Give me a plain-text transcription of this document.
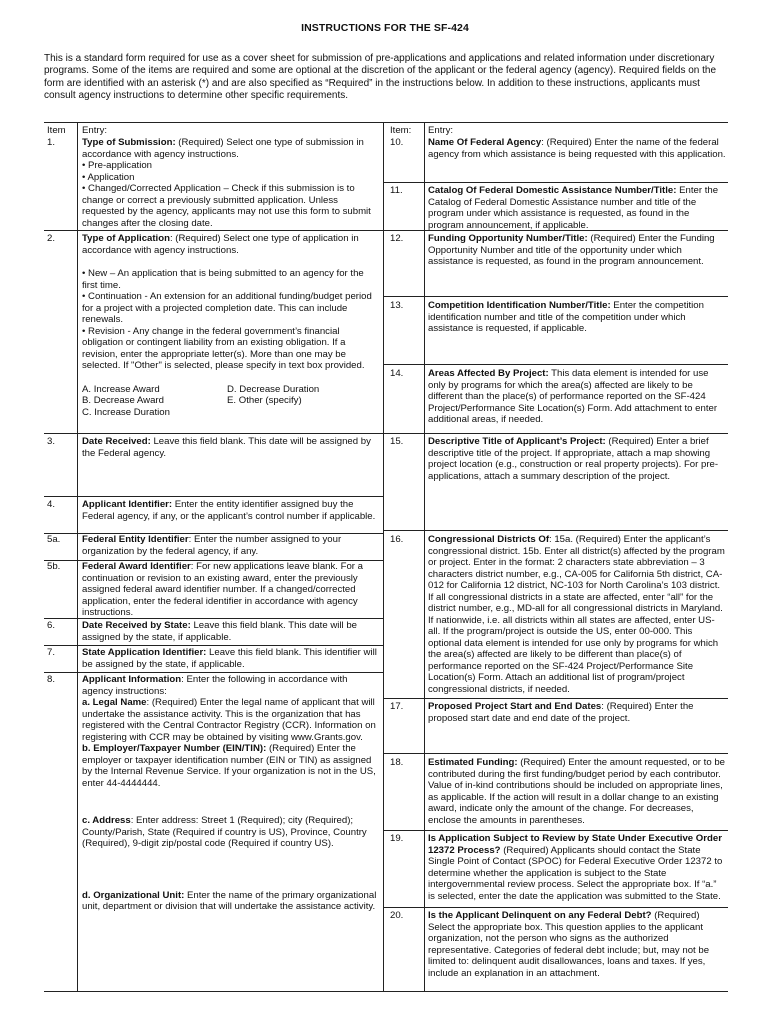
INSTRUCTIONS FOR THE SF-424
This is a standard form required for use as a cover sheet for submission of pre-applications and applications and related information under discretionary programs. Some of the items are required and some are optional at the discretion of the applicant or the federal agency (agency). Required fields on the form are identified with an asterisk (*) and are also specified as “Required” in the instructions below. In addition to these instructions, applicants must consult agency instructions to determine other specific requirements.
Item Entry:	Item: Entry:
1.	Type of Submission: (Required) Select one type of submission in accordance with agency instructions.
• Pre-application
• Application
• Changed/Corrected Application – Check if this submission is to change or correct a previously submitted application. Unless requested by the agency, applicants may not use this form to submit changes after the closing date.
2.	Type of Application: (Required) Select one type of application in accordance with agency instructions.
• New – An application that is being submitted to an agency for the first time.
• Continuation - An extension for an additional funding/budget period for a project with a projected completion date. This can include renewals.
• Revision - Any change in the federal government’s financial obligation or contingent liability from an existing obligation. If a revision, enter the appropriate letter(s). More than one may be selected. If "Other" is selected, please specify in text box provided.
A. Increase Award
B. Decrease Award
C. Increase Duration
D. Decrease Duration
E. Other (specify)
3.	Date Received: Leave this field blank. This date will be assigned by the Federal agency.
4.	Applicant Identifier: Enter the entity identifier assigned buy the Federal agency, if any, or the applicant’s control number if applicable.
5a. Federal Entity Identifier: Enter the number assigned to your organization by the federal agency, if any.
5b. Federal Award Identifier: For new applications leave blank. For a continuation or revision to an existing award, enter the previously assigned federal award identifier number. If a changed/corrected application, enter the federal identifier in accordance with agency instructions.
6.	Date Received by State: Leave this field blank. This date will be assigned by the state, if applicable.
7.	State Application Identifier: Leave this field blank. This identifier will be assigned by the state, if applicable.
8.	Applicant Information: Enter the following in accordance with agency instructions:
a. Legal Name: (Required) Enter the legal name of applicant that will undertake the assistance activity. This is the organization that has registered with the Central Contractor Registry (CCR). Information on registering with CCR may be obtained by visiting www.Grants.gov.
b. Employer/Taxpayer Number (EIN/TIN): (Required) Enter the employer or taxpayer identification number (EIN or TIN) as assigned by the Internal Revenue Service. If your organization is not in the US, enter 44-4444444.
c. Address: Enter address: Street 1 (Required); city (Required); County/Parish, State (Required if country is US), Province, Country (Required), 9-digit zip/postal code (Required if country US).
d. Organizational Unit: Enter the name of the primary organizational unit, department or division that will undertake the assistance activity.
10.	Name Of Federal Agency: (Required) Enter the name of the federal agency from which assistance is being requested with this application.
11.	Catalog Of Federal Domestic Assistance Number/Title: Enter the Catalog of Federal Domestic Assistance number and title of the program under which assistance is requested, as found in the program announcement, if applicable.
12.	Funding Opportunity Number/Title: (Required) Enter the Funding Opportunity Number and title of the opportunity under which assistance is requested, as found in the program announcement.
13.	Competition Identification Number/Title: Enter the competition identification number and title of the competition under which assistance is requested, if applicable.
14.	Areas Affected By Project: This data element is intended for use only by programs for which the area(s) affected are likely to be different than the place(s) of performance reported on the SF-424 Project/Performance Site Location(s) Form. Add attachment to enter additional areas, if needed.
15.	Descriptive Title of Applicant’s Project: (Required) Enter a brief descriptive title of the project. If appropriate, attach a map showing project location (e.g., construction or real property projects). For pre-applications, attach a summary description of the project.
16.	Congressional Districts Of: 15a. (Required) Enter the applicant’s congressional district. 15b. Enter all district(s) affected by the program or project. Enter in the format: 2 characters state abbreviation – 3 characters district number, e.g., CA-005 for California 5th district, CA-012 for California 12 district, NC-103 for North Carolina’s 103 district. If all congressional districts in a state are affected, enter “all” for the district number, e.g., MD-all for all congressional districts in Maryland. If nationwide, i.e. all districts within all states are affected, enter US-all. If the program/project is outside the US, enter 00-000. This optional data element is intended for use only by programs for which the area(s) affected are likely to be different than place(s) of performance reported on the SF-424 Project/Performance Site Location(s) Form. Attach an additional list of program/project congressional districts, if needed.
17.	Proposed Project Start and End Dates: (Required) Enter the proposed start date and end date of the project.
18.	Estimated Funding: (Required) Enter the amount requested, or to be contributed during the first funding/budget period by each contributor. Value of in-kind contributions should be included on appropriate lines, as applicable. If the action will result in a dollar change to an existing award, indicate only the amount of the change. For decreases, enclose the amounts in parentheses.
19.	Is Application Subject to Review by State Under Executive Order 12372 Process? (Required) Applicants should contact the State Single Point of Contact (SPOC) for Federal Executive Order 12372 to determine whether the application is subject to the State intergovernmental review process. Select the appropriate box. If “a.” is selected, enter the date the application was submitted to the State.
20.	Is the Applicant Delinquent on any Federal Debt? (Required) Select the appropriate box. This question applies to the applicant organization, not the person who signs as the authorized representative. Categories of federal debt include; but, may not be limited to: delinquent audit disallowances, loans and taxes. If yes, include an explanation in an attachment.
